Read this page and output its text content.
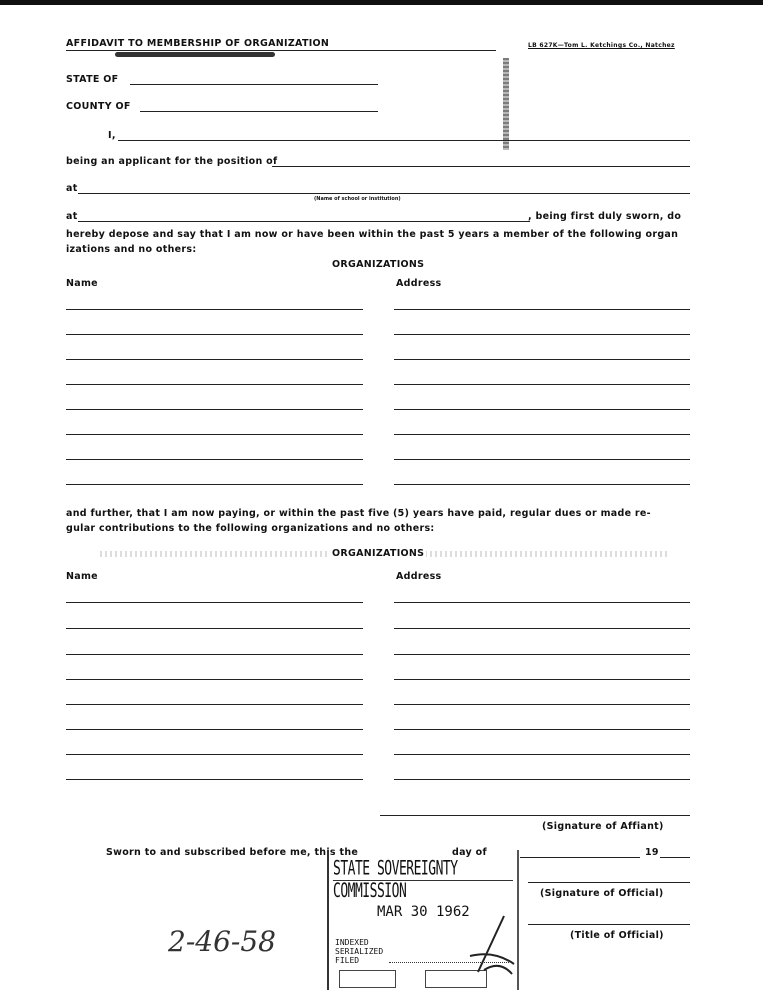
AFFIDAVIT TO MEMBERSHIP OF ORGANIZATION	LB 627K—Tom L. Ketchings Co., Natchez
STATE OF
COUNTY OF
I,
being an applicant for the position of
at
(Name of school or institution)
at	, being first duly sworn, do
hereby depose and say that I am now or have been within the past 5 years a member of the following organ
izations and no others:
ORGANIZATIONS
Name	Address
and further, that I am now paying, or within the past five (5) years have paid, regular dues or made re-
gular contributions to the following organizations and no others:
ORGANIZATIONS
Name	Address
(Signature of Affiant)
Sworn to and subscribed before me, this the	day of	19
(Signature of Official)
(Title of Official)
STATE SOVEREIGNTY COMMISSION
MAR 30 1962
INDEXED
SERIALIZED
FILED
2-46-58
